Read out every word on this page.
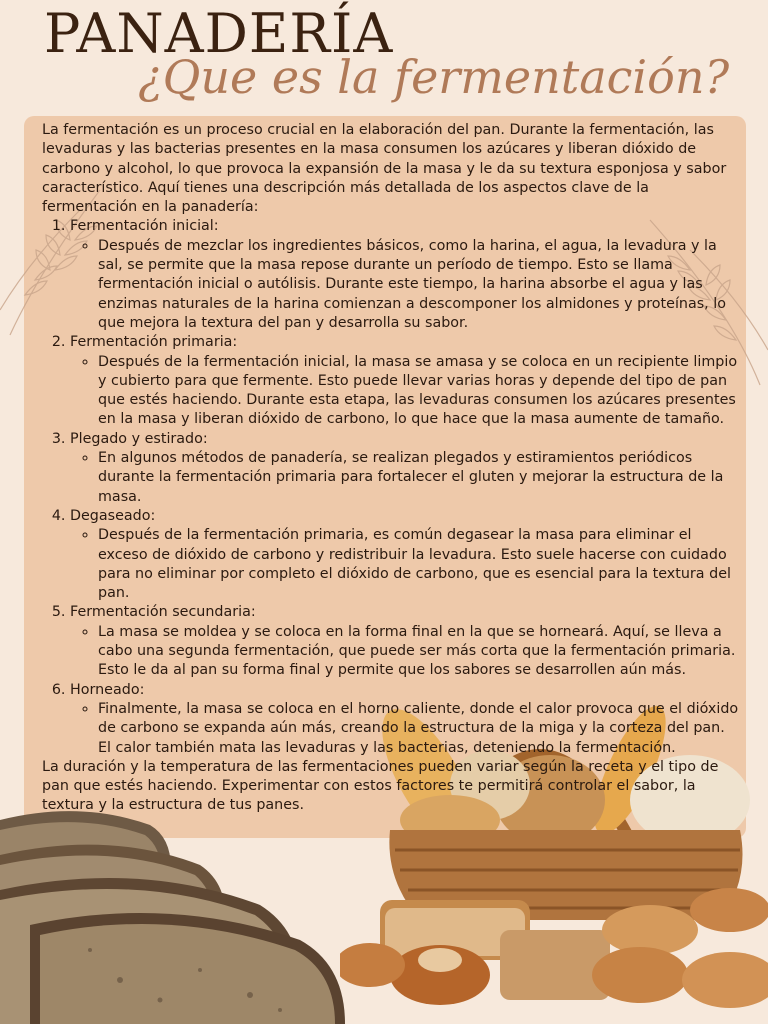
PANADERÍA
¿Que es la fermentación?

La fermentación es un proceso crucial en la elaboración del pan. Durante la fermentación, las levaduras y las bacterias presentes en la masa consumen los azúcares y liberan dióxido de carbono y alcohol, lo que provoca la expansión de la masa y le da su textura esponjosa y sabor característico. Aquí tienes una descripción más detallada de los aspectos clave de la fermentación en la panadería:

1. Fermentación inicial:
◦ Después de mezclar los ingredientes básicos, como la harina, el agua, la levadura y la sal, se permite que la masa repose durante un período de tiempo. Esto se llama fermentación inicial o autólisis. Durante este tiempo, la harina absorbe el agua y las enzimas naturales de la harina comienzan a descomponer los almidones y proteínas, lo que mejora la textura del pan y desarrolla su sabor.
2. Fermentación primaria:
◦ Después de la fermentación inicial, la masa se amasa y se coloca en un recipiente limpio y cubierto para que fermente. Esto puede llevar varias horas y depende del tipo de pan que estés haciendo. Durante esta etapa, las levaduras consumen los azúcares presentes en la masa y liberan dióxido de carbono, lo que hace que la masa aumente de tamaño.
3. Plegado y estirado:
◦ En algunos métodos de panadería, se realizan plegados y estiramientos periódicos durante la fermentación primaria para fortalecer el gluten y mejorar la estructura de la masa.
4. Degaseado:
◦ Después de la fermentación primaria, es común degasear la masa para eliminar el exceso de dióxido de carbono y redistribuir la levadura. Esto suele hacerse con cuidado para no eliminar por completo el dióxido de carbono, que es esencial para la textura del pan.
5. Fermentación secundaria:
◦ La masa se moldea y se coloca en la forma final en la que se horneará. Aquí, se lleva a cabo una segunda fermentación, que puede ser más corta que la fermentación primaria. Esto le da al pan su forma final y permite que los sabores se desarrollen aún más.
6. Horneado:
◦ Finalmente, la masa se coloca en el horno caliente, donde el calor provoca que el dióxido de carbono se expanda aún más, creando la estructura de la miga y la corteza del pan. El calor también mata las levaduras y las bacterias, deteniendo la fermentación.

La duración y la temperatura de las fermentaciones pueden variar según la receta y el tipo de pan que estés haciendo. Experimentar con estos factores te permitirá controlar el sabor, la textura y la estructura de tus panes.
